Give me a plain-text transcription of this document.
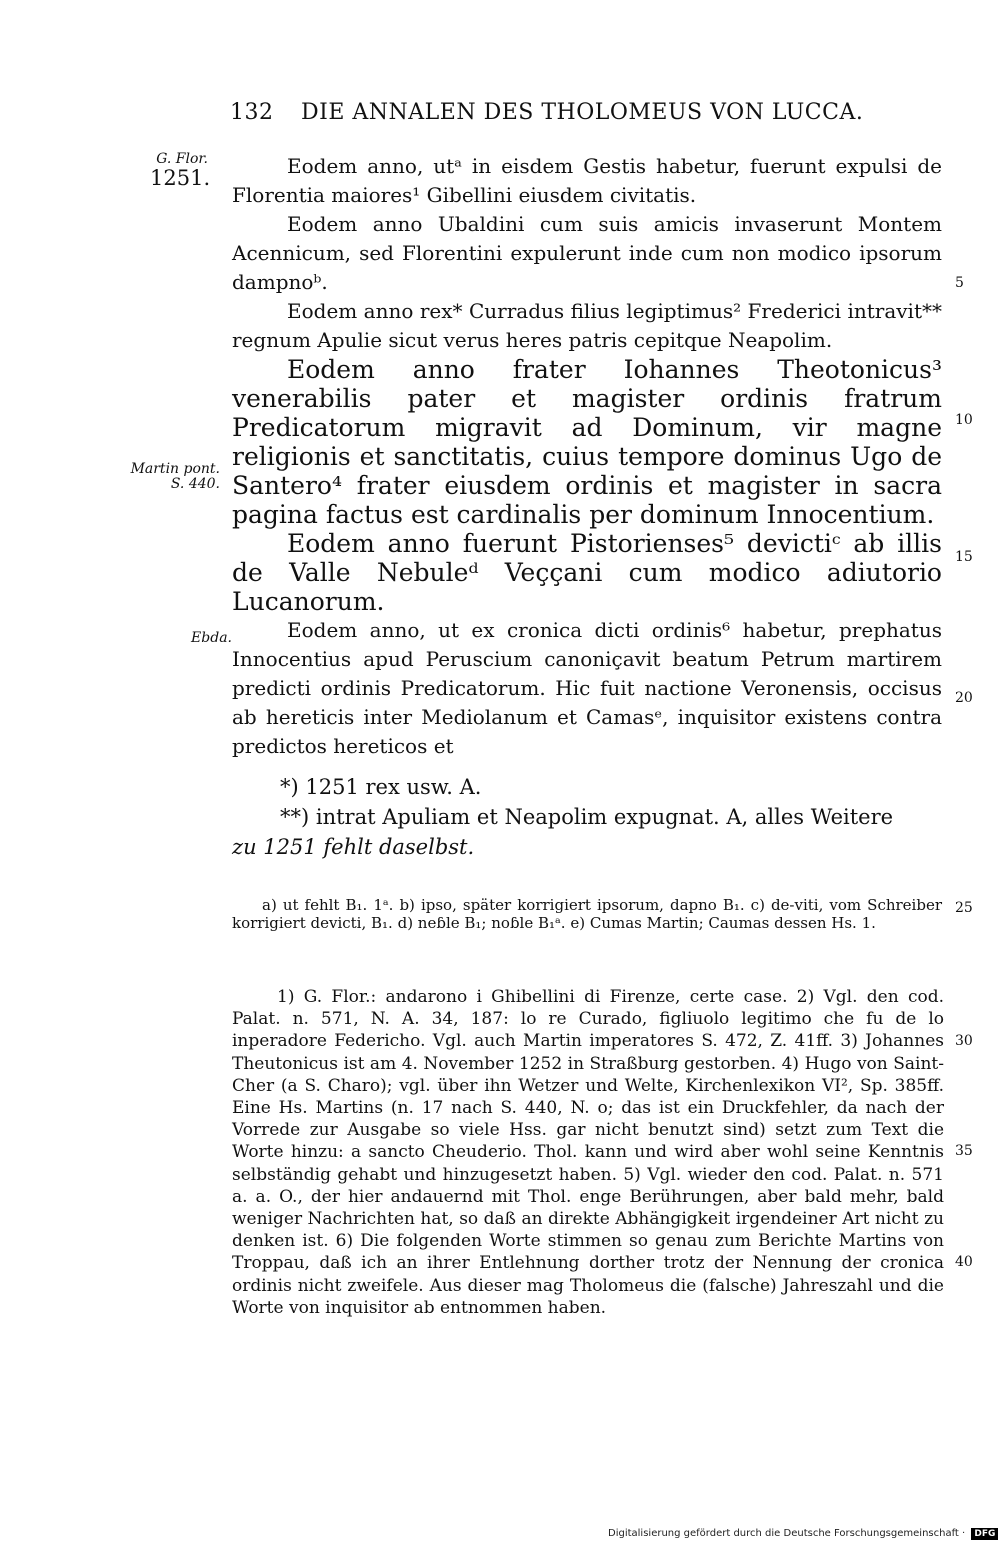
132 DIE ANNALEN DES THOLOMEUS VON LUCCA.
G. Flor.
1251.
Martin pont.
S. 440.
Ebda.
5
10
15
20
25
30
35
40

Eodem anno, utᵃ in eisdem Gestis habetur, fuerunt expulsi de Florentia maiores¹ Gibellini eiusdem civitatis.

Eodem anno Ubaldini cum suis amicis invaserunt Montem Acennicum, sed Florentini expulerunt inde cum non modico ipsorum dampnoᵇ.

Eodem anno rex* Curradus filius legiptimus² Frederici intravit** regnum Apulie sicut verus heres patris cepitque Neapolim.

Eodem anno frater Iohannes Theotonicus³ venerabilis pater et magister ordinis fratrum Predicatorum migravit ad Dominum, vir magne religionis et sanctitatis, cuius tempore dominus Ugo de Santero⁴ frater eiusdem ordinis et magister in sacra pagina factus est cardinalis per dominum Innocentium.

Eodem anno fuerunt Pistorienses⁵ devictiᶜ ab illis de Valle Nebuleᵈ Veççani cum modico adiutorio Lucanorum.

Eodem anno, ut ex cronica dicti ordinis⁶ habetur, prephatus Innocentius apud Peruscium canoniçavit beatum Petrum martirem predicti ordinis Predicatorum. Hic fuit nactione Veronensis, occisus ab hereticis inter Mediolanum et Camasᵉ, inquisitor existens contra predictos hereticos et

*) 1251 rex usw. A.

**) intrat Apuliam et Neapolim expugnat. A, alles Weitere

zu 1251 fehlt daselbst.

a) ut fehlt B₁. 1ᵃ. b) ipso, später korrigiert ipsorum, dapno B₁. c) de-viti, vom Schreiber korrigiert devicti, B₁. d) neɓle B₁; noɓle B₁ᵃ. e) Cumas Martin; Caumas dessen Hs. 1.

1) G. Flor.: andarono i Ghibellini di Firenze, certe case. 2) Vgl. den cod. Palat. n. 571, N. A. 34, 187: lo re Curado, figliuolo legitimo che fu de lo inperadore Federicho. Vgl. auch Martin imperatores S. 472, Z. 41ff. 3) Johannes Theutonicus ist am 4. November 1252 in Straßburg gestorben. 4) Hugo von Saint-Cher (a S. Charo); vgl. über ihn Wetzer und Welte, Kirchenlexikon VI², Sp. 385ff. Eine Hs. Martins (n. 17 nach S. 440, N. o; das ist ein Druckfehler, da nach der Vorrede zur Ausgabe so viele Hss. gar nicht benutzt sind) setzt zum Text die Worte hinzu: a sancto Cheuderio. Thol. kann und wird aber wohl seine Kenntnis selbständig gehabt und hinzugesetzt haben. 5) Vgl. wieder den cod. Palat. n. 571 a. a. O., der hier andauernd mit Thol. enge Berührungen, aber bald mehr, bald weniger Nachrichten hat, so daß an direkte Abhängigkeit irgendeiner Art nicht zu denken ist. 6) Die folgenden Worte stimmen so genau zum Berichte Martins von Troppau, daß ich an ihrer Entlehnung dorther trotz der Nennung der cronica ordinis nicht zweifele. Aus dieser mag Tholomeus die (falsche) Jahreszahl und die Worte von inquisitor ab entnommen haben.

Digitalisierung gefördert durch die Deutsche Forschungsgemeinschaft · DFG
